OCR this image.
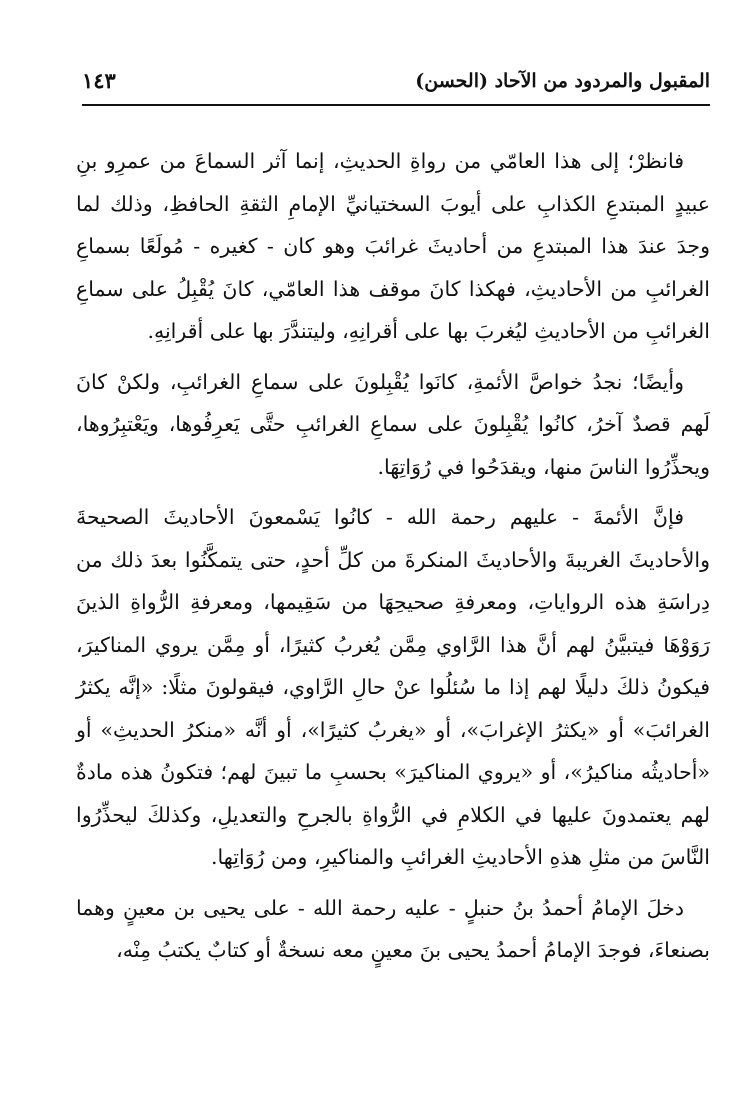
المقبول والمردود من الآحاد (الحسن)
١٤٣

فانظرْ؛ إلى هذا العامّي من رواةِ الحديثِ، إنما آثر السماعَ من عمرِو بنِ عبيدٍ المبتدعِ الكذابِ على أيوبَ السختيانيِّ الإمامِ الثقةِ الحافظِ، وذلك لما وجدَ عندَ هذا المبتدعِ من أحاديثَ غرائبَ وهو كان - كغيره - مُولَعًا بسماعِ الغرائبِ من الأحاديثِ، فهكذا كانَ موقف هذا العامّي، كانَ يُقْبِلُ على سماعِ الغرائبِ من الأحاديثِ ليُغربَ بها على أقرانِهِ، وليتندَّرَ بها على أقرانِهِ.

وأيضًا؛ نجدُ خواصَّ الأئمةِ، كانَوا يُقْبِلونَ على سماعِ الغرائبِ، ولكنْ كانَ لَهم قصدٌ آخرُ، كانُوا يُقْبِلونَ على سماعِ الغرائبِ حتَّى يَعرِفُوها، ويَعْتبِرُوها، ويحذِّرُوا الناسَ منها، ويقدَحُوا في رُوَاتِهَا.

فإنَّ الأئمةَ - عليهم رحمة الله - كانُوا يَسْمعونَ الأحاديثَ الصحيحةَ والأحاديثَ الغريبةَ والأحاديثَ المنكرةَ من كلِّ أحدٍ، حتى يتمكَّنُوا بعدَ ذلك من دِراسَةِ هذه الرواياتِ، ومعرفةِ صحيحِهَا من سَقِيمها، ومعرفةِ الرُّواةِ الذينَ رَوَوْهَا فيتبيَّنُ لهم أنَّ هذا الرَّاوي مِمَّن يُغربُ كثيرًا، أو مِمَّن يروي المناكيرَ، فيكونُ ذلكَ دليلًا لهم إذا ما سُئلُوا عنْ حالِ الرَّاوي، فيقولونَ مثلًا: «إنَّه يكثرُ الغرائبَ» أو «يكثرُ الإغرابَ»، أو «يغربُ كثيرًا»، أو أنَّه «منكرُ الحديثِ» أو «أحاديثُه مناكيرُ»، أو «يروي المناكيرَ» بحسبِ ما تبينَ لهم؛ فتكونُ هذه مادةٌ لهم يعتمدونَ عليها في الكلامِ في الرُّواةِ بالجرحِ والتعديلِ، وكذلكَ ليحذِّرُوا النَّاسَ من مثلِ هذهِ الأحاديثِ الغرائبِ والمناكيرِ، ومن رُوَاتِها.

دخلَ الإمامُ أحمدُ بنُ حنبلٍ - عليه رحمة الله - على يحيى بن معينٍ وهما بصنعاءَ، فوجدَ الإمامُ أحمدُ يحيى بنَ معينٍ معه نسخةٌ أو كتابٌ يكتبُ مِنْه،
